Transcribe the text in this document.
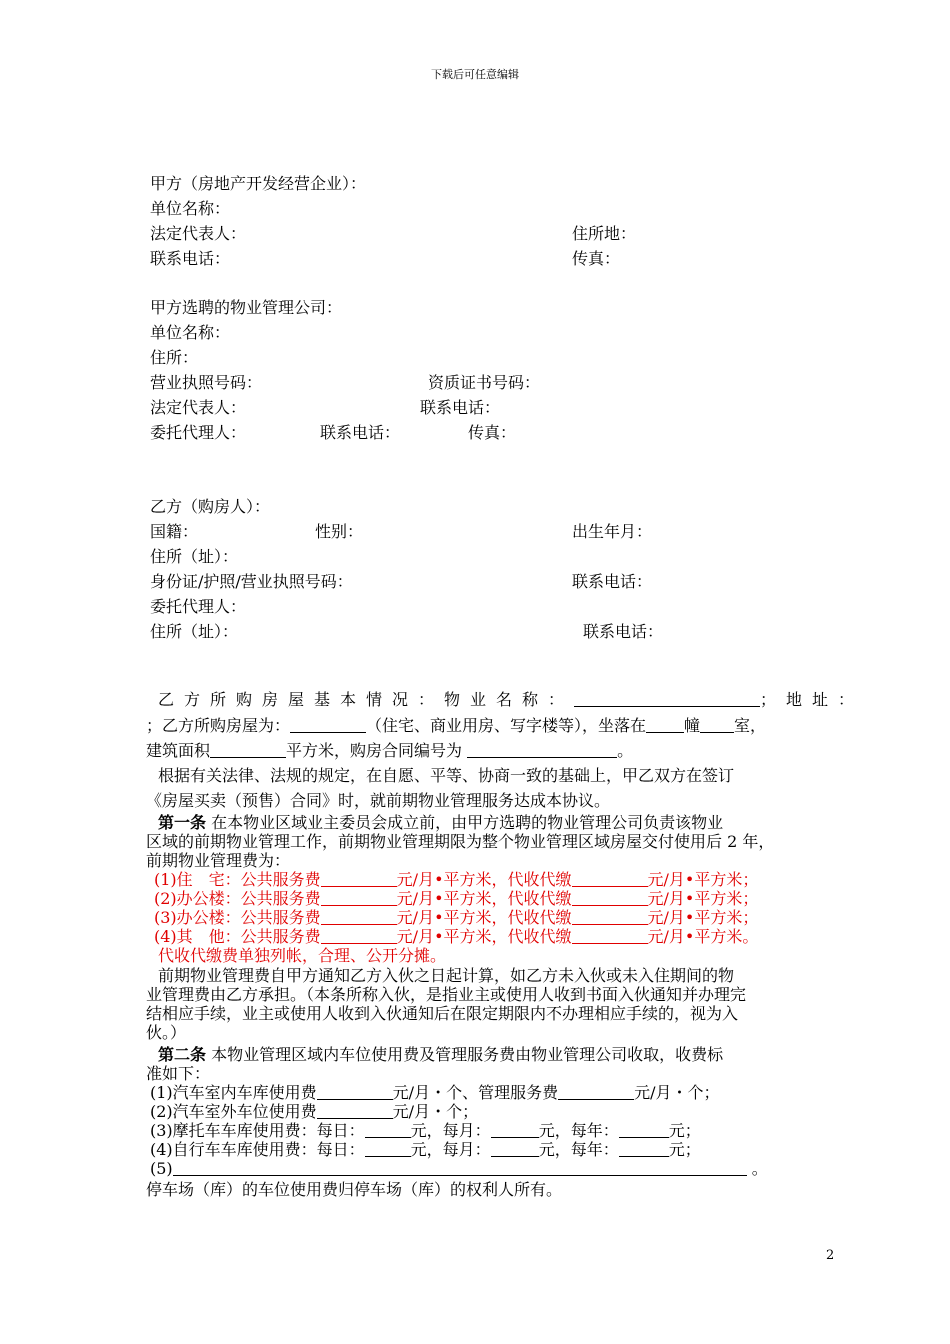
下载后可任意编辑
甲方（房地产开发经营企业）：
单位名称：
法定代表人：	住所地：
联系电话：	传真：
甲方选聘的物业管理公司：
单位名称：
住所：
营业执照号码：	资质证书号码：
法定代表人：	联系电话：
委托代理人：	联系电话：	传真：
乙方（购房人）：
国籍：	性别：	出生年月：
住所（址）：
身份证/护照/营业执照号码：	联系电话：
委托代理人：
住所（址）：	联系电话：
乙方所购房屋基本情况：物业名称：	；地址：
；乙方所购房屋为：	（住宅、商业用房、写字楼等），坐落在 幢 室，
建筑面积	平方米，购房合同编号为	。
根据有关法律、法规的规定，在自愿、平等、协商一致的基础上，甲乙双方在签订
《房屋买卖（预售）合同》时，就前期物业管理服务达成本协议。
第一条 在本物业区域业主委员会成立前，由甲方选聘的物业管理公司负责该物业
区域的前期物业管理工作，前期物业管理期限为整个物业管理区域房屋交付使用后 2 年，
前期物业管理费为：
(1)住　宅：公共服务费	元/月•平方米，代收代缴	元/月•平方米；
(2)办公楼：公共服务费	元/月•平方米，代收代缴	元/月•平方米；
(3)办公楼：公共服务费	元/月•平方米，代收代缴	元/月•平方米；
(4)其　他：公共服务费	元/月•平方米，代收代缴	元/月•平方米。
代收代缴费单独列帐，合理、公开分摊。
前期物业管理费自甲方通知乙方入伙之日起计算，如乙方未入伙或未入住期间的物
业管理费由乙方承担。（本条所称入伙，是指业主或使用人收到书面入伙通知并办理完
结相应手续，业主或使用人收到入伙通知后在限定期限内不办理相应手续的，视为入
伙。）
第二条 本物业管理区域内车位使用费及管理服务费由物业管理公司收取，收费标
准如下：
(1)汽车室内车库使用费	元/月・个、管理服务费	元/月・个；
(2)汽车室外车位使用费	元/月・个；
(3)摩托车车库使用费：每日：	元，每月：	元，每年：	元；
(4)自行车车库使用费：每日：	元，每月：	元，每年：	元；
(5)	。
停车场（库）的车位使用费归停车场（库）的权利人所有。
2
